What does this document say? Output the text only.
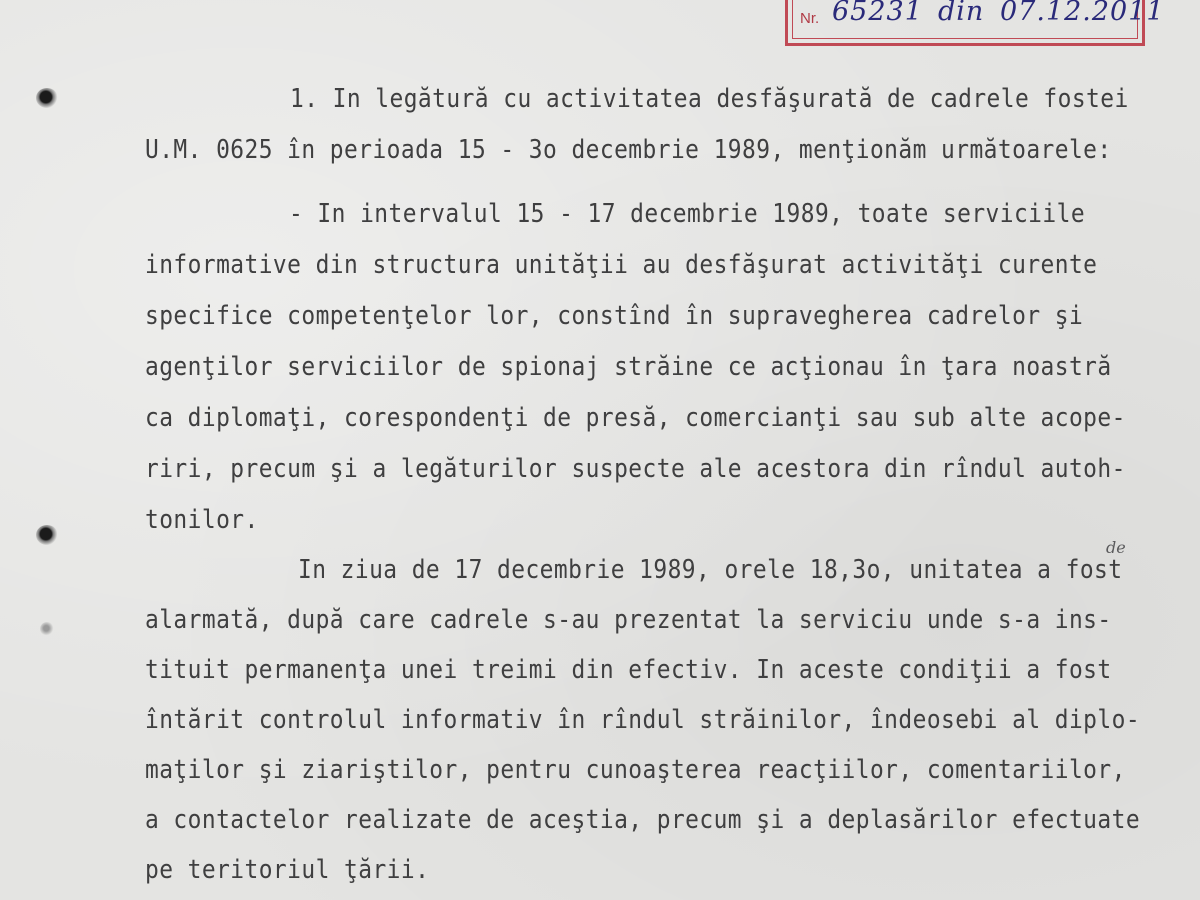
Nr. 65231 din 07.12.2011
1. In legătură cu activitatea desfăşurată de cadrele fostei
U.M. 0625 în perioada 15 - 3o decembrie 1989, menţionăm următoarele:
- In intervalul 15 - 17 decembrie 1989, toate serviciile
informative din structura unităţii au desfăşurat activităţi curente
specifice competenţelor lor, constînd în supravegherea cadrelor şi
agenţilor serviciilor de spionaj străine ce acţionau în ţara noastră
ca diplomaţi, corespondenţi de presă, comercianţi sau sub alte acope-
riri, precum şi a legăturilor suspecte ale acestora din rîndul autoh-
tonilor.
In ziua de 17 decembrie 1989, orele 18,3o, unitatea a fost
alarmată, după care cadrele s-au prezentat la serviciu unde s-a ins-
tituit permanenţa unei treimi din efectiv. In aceste condiţii a fost
întărit controlul informativ în rîndul străinilor, îndeosebi al diplo-
maţilor şi ziariştilor, pentru cunoaşterea reacţiilor, comentariilor,
a contactelor realizate de aceştia, precum şi a deplasărilor efectuate
pe teritoriul ţării.
de
